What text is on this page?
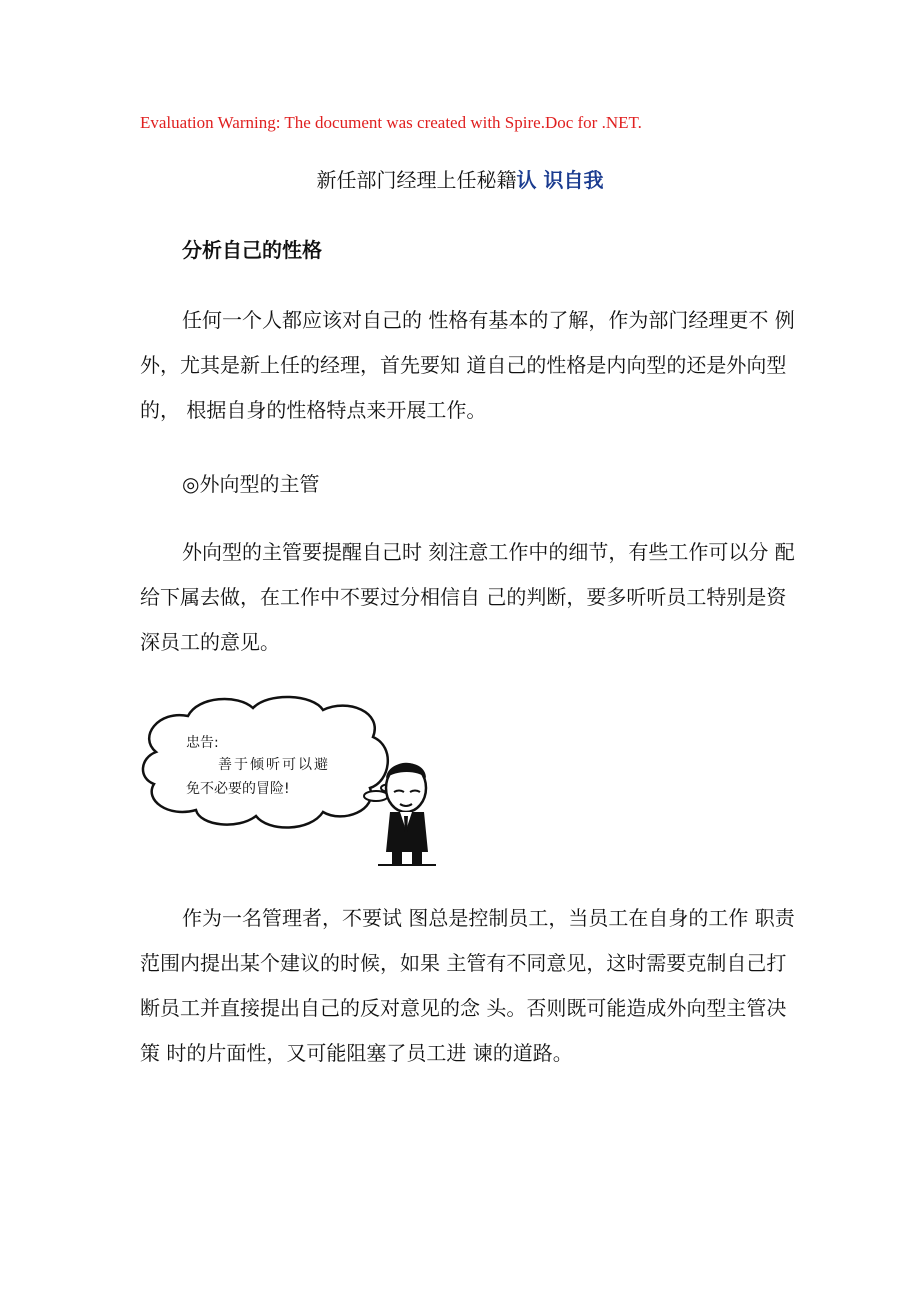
Evaluation Warning: The document was created with Spire.Doc for .NET.
新任部门经理上任秘籍认 识自我
分析自己的性格

任何一个人都应该对自己的 性格有基本的了解，作为部门经理更不 例外，尤其是新上任的经理，首先要知 道自己的性格是内向型的还是外向型的， 根据自身的性格特点来开展工作。

◎外向型的主管

外向型的主管要提醒自己时 刻注意工作中的细节，有些工作可以分 配给下属去做，在工作中不要过分相信自 己的判断，要多听听员工特别是资深员工的意见。

忠告:
善于倾听可以避
免不必要的冒险!

作为一名管理者，不要试 图总是控制员工，当员工在自身的工作 职责范围内提出某个建议的时候，如果 主管有不同意见，这时需要克制自己打 断员工并直接提出自己的反对意见的念 头。否则既可能造成外向型主管决策 时的片面性，又可能阻塞了员工进 谏的道路。
